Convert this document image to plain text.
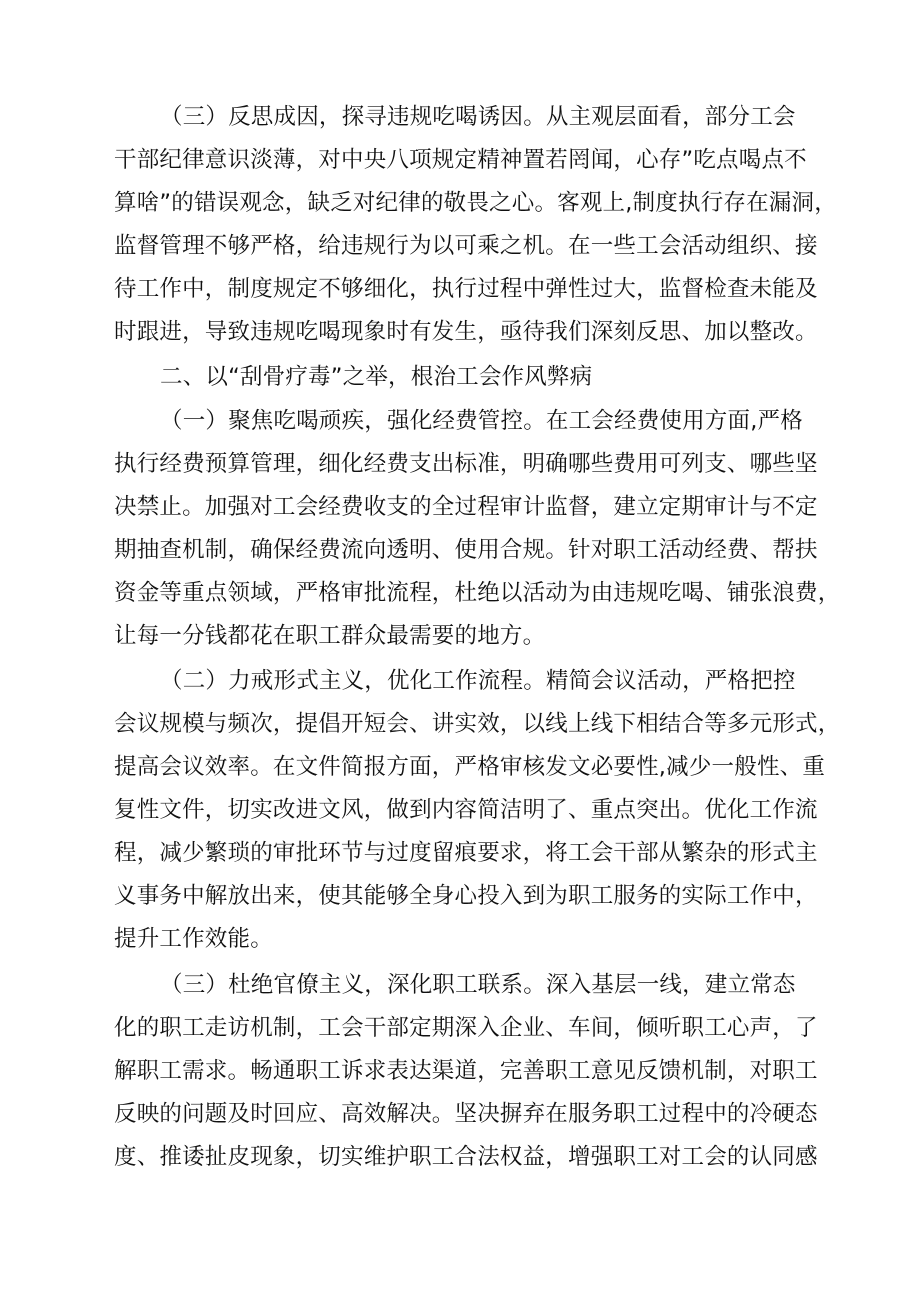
（三）反思成因，探寻违规吃喝诱因。从主观层面看，部分工会
干部纪律意识淡薄，对中央八项规定精神置若罔闻，心存”吃点喝点不
算啥”的错误观念，缺乏对纪律的敬畏之心。客观上,制度执行存在漏洞，
监督管理不够严格，给违规行为以可乘之机。在一些工会活动组织、接
待工作中，制度规定不够细化，执行过程中弹性过大，监督检查未能及
时跟进，导致违规吃喝现象时有发生，亟待我们深刻反思、加以整改。
二、以“刮骨疗毒”之举，根治工会作风弊病
（一）聚焦吃喝顽疾，强化经费管控。在工会经费使用方面,严格
执行经费预算管理，细化经费支出标准，明确哪些费用可列支、哪些坚
决禁止。加强对工会经费收支的全过程审计监督，建立定期审计与不定
期抽查机制，确保经费流向透明、使用合规。针对职工活动经费、帮扶
资金等重点领域，严格审批流程，杜绝以活动为由违规吃喝、铺张浪费，
让每一分钱都花在职工群众最需要的地方。
（二）力戒形式主义，优化工作流程。精简会议活动，严格把控
会议规模与频次，提倡开短会、讲实效，以线上线下相结合等多元形式，
提高会议效率。在文件简报方面，严格审核发文必要性,减少一般性、重
复性文件，切实改进文风，做到内容简洁明了、重点突出。优化工作流
程，减少繁琐的审批环节与过度留痕要求，将工会干部从繁杂的形式主
义事务中解放出来，使其能够全身心投入到为职工服务的实际工作中，
提升工作效能。
（三）杜绝官僚主义，深化职工联系。深入基层一线，建立常态
化的职工走访机制，工会干部定期深入企业、车间，倾听职工心声，了
解职工需求。畅通职工诉求表达渠道，完善职工意见反馈机制，对职工
反映的问题及时回应、高效解决。坚决摒弃在服务职工过程中的冷硬态
度、推诿扯皮现象，切实维护职工合法权益，增强职工对工会的认同感
